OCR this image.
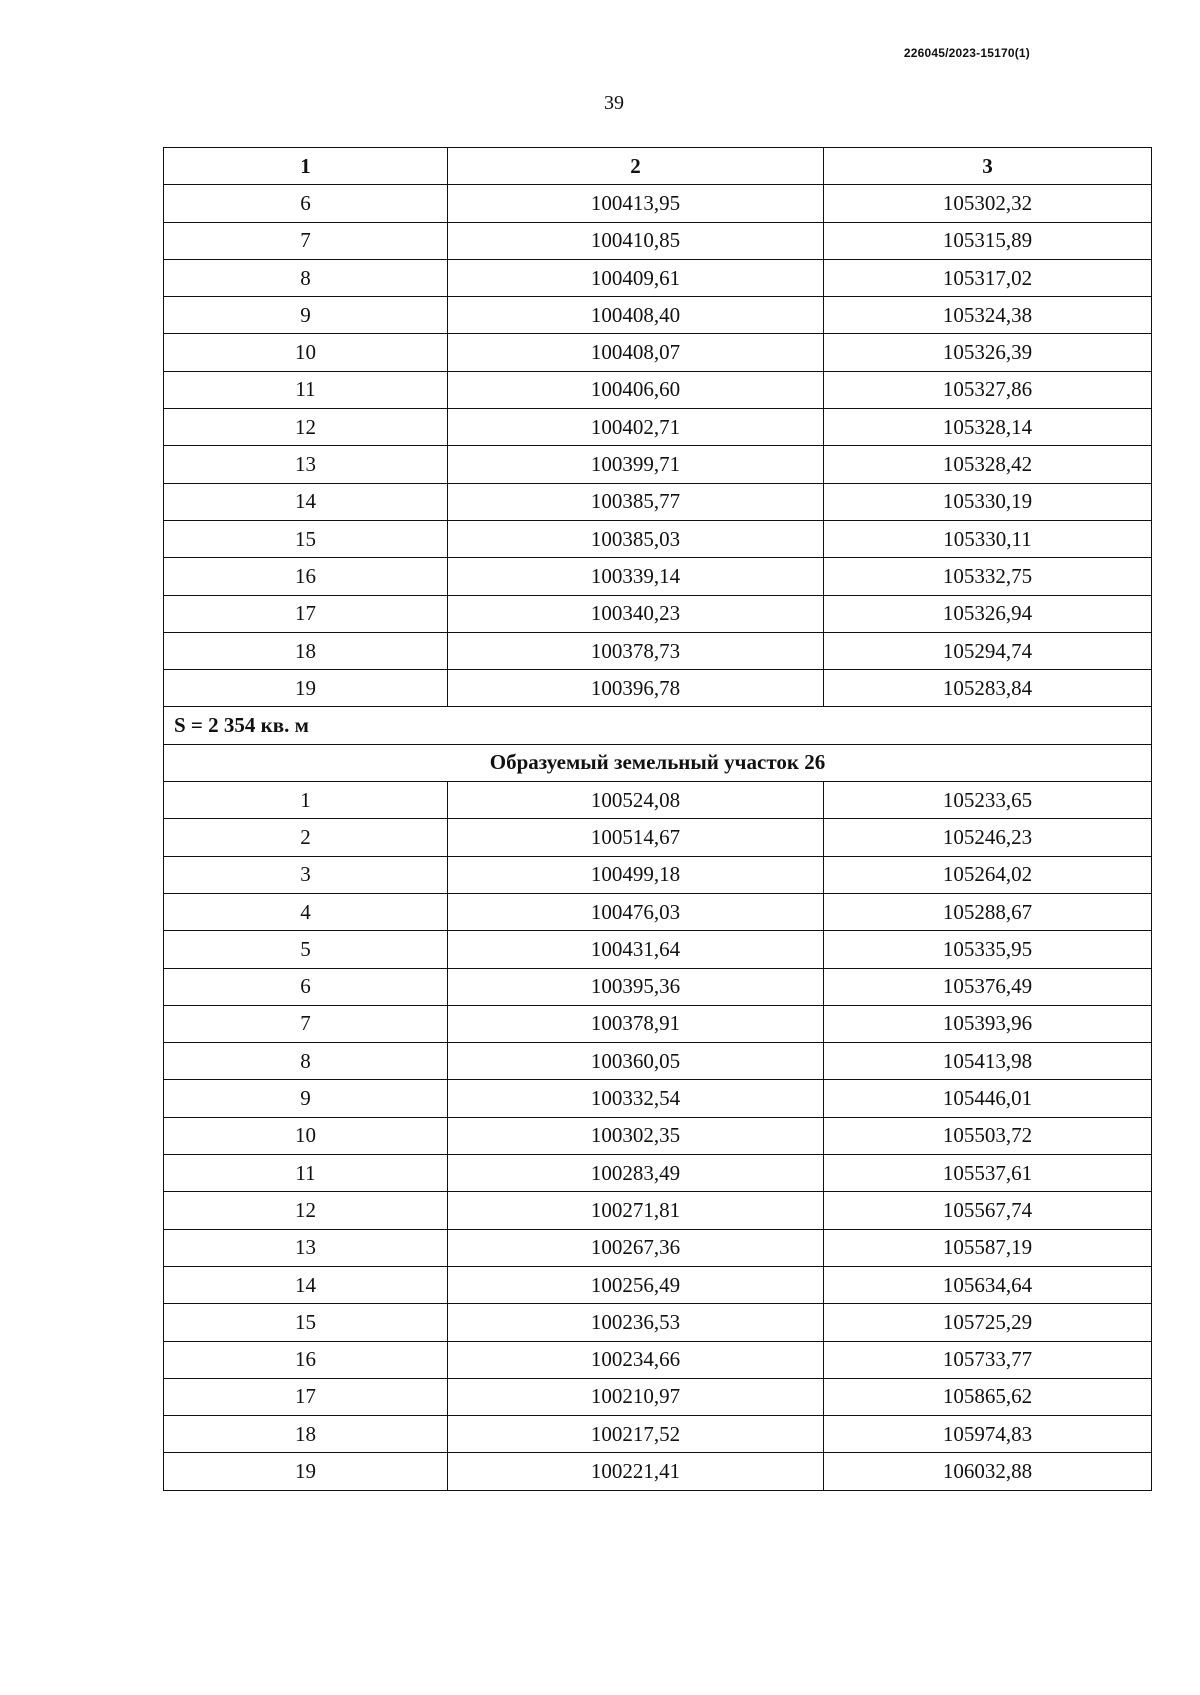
226045/2023-15170(1)
39
1	2	3
6	100413,95	105302,32
7	100410,85	105315,89
8	100409,61	105317,02
9	100408,40	105324,38
10	100408,07	105326,39
11	100406,60	105327,86
12	100402,71	105328,14
13	100399,71	105328,42
14	100385,77	105330,19
15	100385,03	105330,11
16	100339,14	105332,75
17	100340,23	105326,94
18	100378,73	105294,74
19	100396,78	105283,84
S = 2 354 кв. м		
Образуемый земельный участок 26		
1	100524,08	105233,65
2	100514,67	105246,23
3	100499,18	105264,02
4	100476,03	105288,67
5	100431,64	105335,95
6	100395,36	105376,49
7	100378,91	105393,96
8	100360,05	105413,98
9	100332,54	105446,01
10	100302,35	105503,72
11	100283,49	105537,61
12	100271,81	105567,74
13	100267,36	105587,19
14	100256,49	105634,64
15	100236,53	105725,29
16	100234,66	105733,77
17	100210,97	105865,62
18	100217,52	105974,83
19	100221,41	106032,88
